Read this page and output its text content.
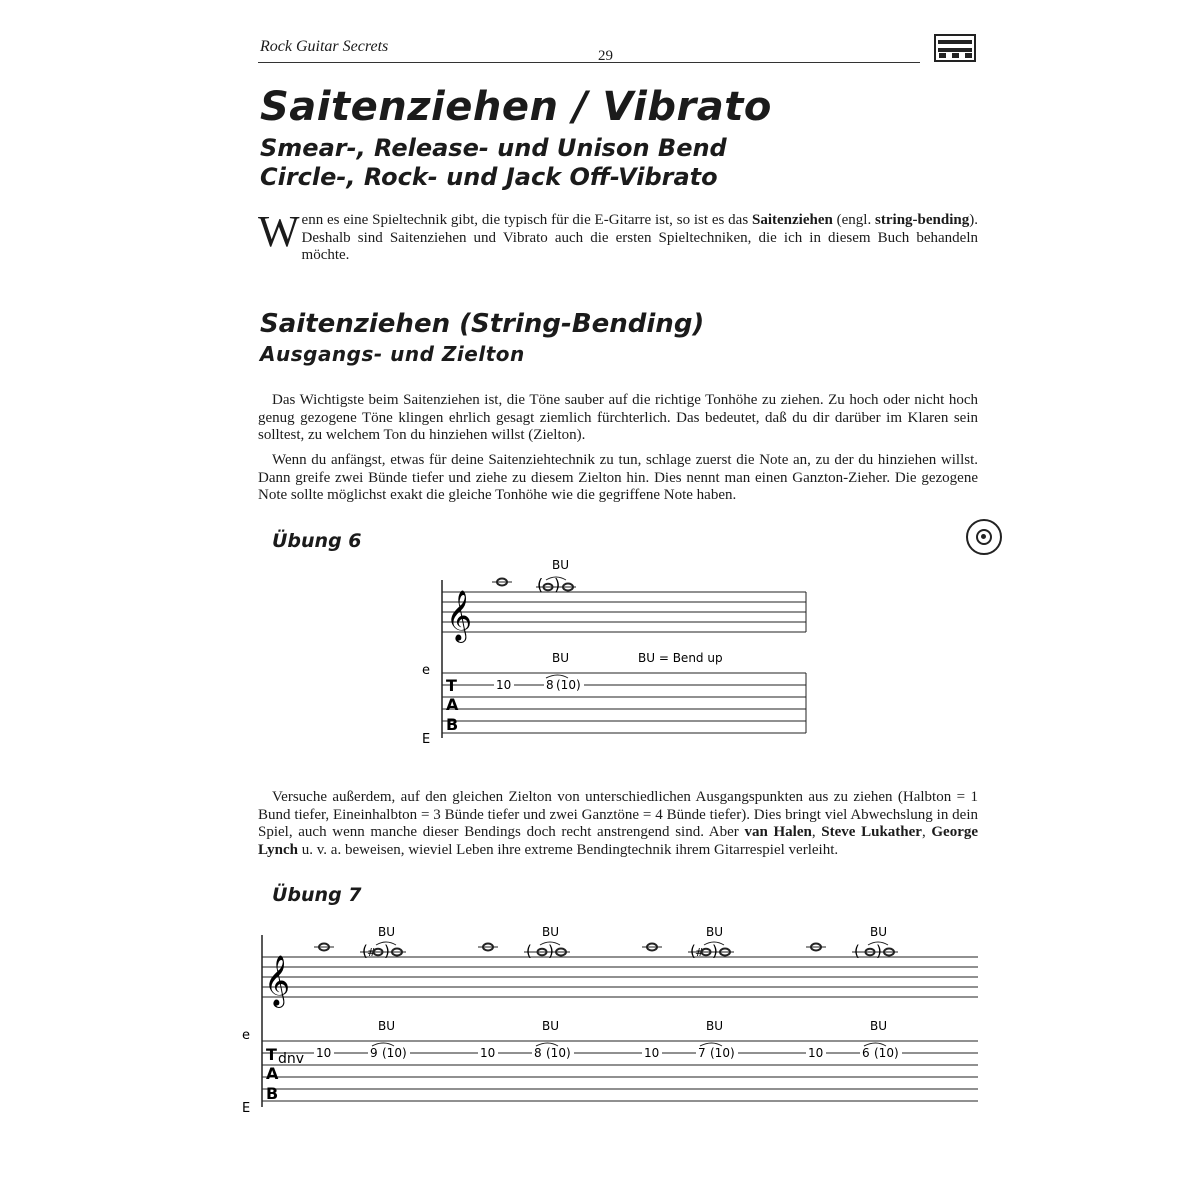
Rock Guitar Secrets
29
Saitenziehen / Vibrato
Smear-, Release- und Unison Bend
Circle-, Rock- und Jack Off-Vibrato
Wenn es eine Spieltechnik gibt, die typisch für die E-Gitarre ist, so ist es das Saitenziehen (engl. string-bending). Deshalb sind Saitenziehen und Vibrato auch die ersten Spieltechniken, die ich in diesem Buch behandeln möchte.
Saitenziehen (String-Bending)
Ausgangs- und Zielton
Das Wichtigste beim Saitenziehen ist, die Töne sauber auf die richtige Tonhöhe zu ziehen. Zu hoch oder nicht hoch genug gezogene Töne klingen ehrlich gesagt ziemlich fürchterlich. Das bedeutet, daß du dir darüber im Klaren sein solltest, zu welchem Ton du hinziehen willst (Zielton).
Wenn du anfängst, etwas für deine Saitenziehtechnik zu tun, schlage zuerst die Note an, zu der du hinziehen willst. Dann greife zwei Bünde tiefer und ziehe zu diesem Zielton hin. Dies nennt man einen Ganzton-Zieher. Die gezogene Note sollte möglichst exakt die gleiche Tonhöhe wie die gegriffene Note haben.
Übung 6
𝄞
( )
BU
BU	BU = Bend up
e
E
T
A
B
10	8 (10)
Versuche außerdem, auf den gleichen Zielton von unterschiedlichen Ausgangspunkten aus zu ziehen (Halbton = 1 Bund tiefer, Eineinhalbton = 3 Bünde tiefer und zwei Ganztöne = 4 Bünde tiefer). Dies bringt viel Abwechslung in dein Spiel, auch wenn manche dieser Bendings doch recht anstrengend sind. Aber van Halen, Steve Lukather, George Lynch u. v. a. beweisen, wieviel Leben ihre extreme Bendingtechnik ihrem Gitarrespiel verleiht.
Übung 7
𝄞
e
E
T
A
B
dnv
( # )
BU
BU
10	9 (10)
( )
BU
BU
10	8 (10)
( # )
BU
BU
10	7 (10)
( )
BU
BU
10	6 (10)
